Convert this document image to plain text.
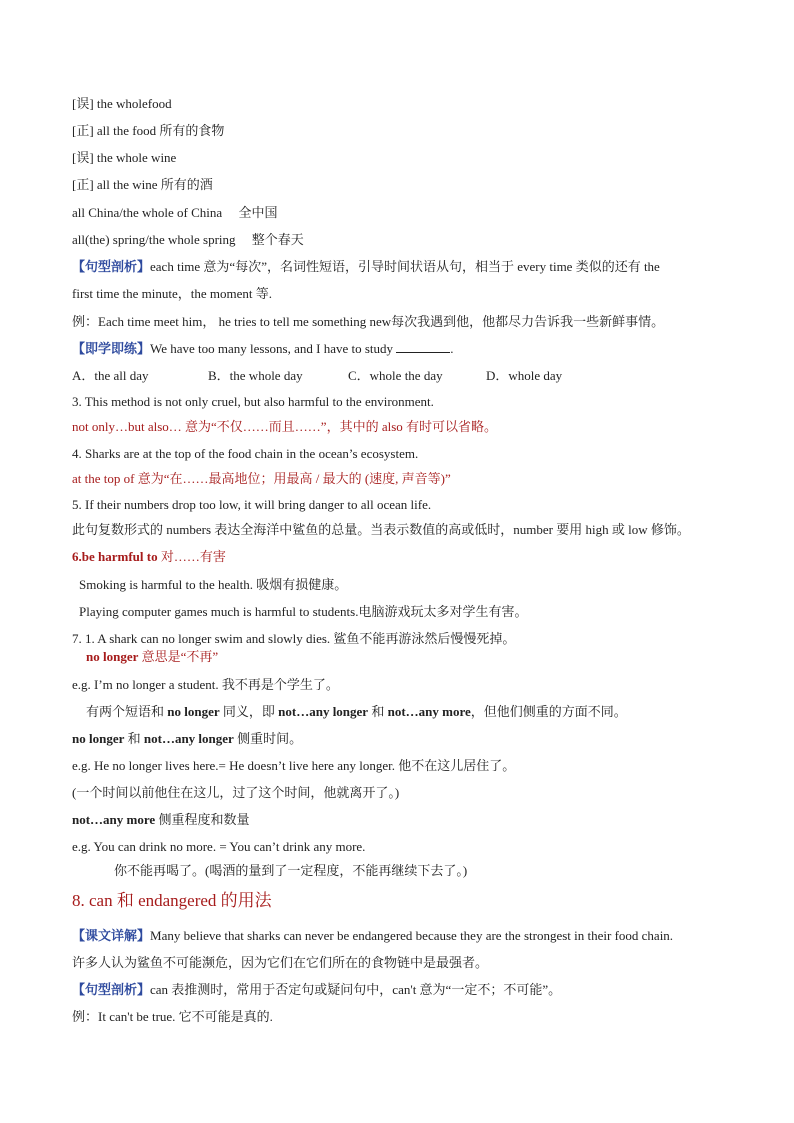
[误] the wholefood
[正] all the food 所有的食物
[误] the whole wine
[正] all the wine 所有的酒
all China/the whole of China　 全中国
all(the) spring/the whole spring　 整个春天
【句型剖析】each time 意为“每次”，名词性短语，引导时间状语从句，相当于 every time 类似的还有 the
first time the minute，the moment 等.
例：Each time meet him， he tries to tell me something new每次我遇到他，他都尽力告诉我一些新鲜事情。
【即学即练】We have too many lessons, and I have to study	.
A．the all day	B．the whole day	C．whole the day	D．whole day
3. This method is not only cruel, but also harmful to the environment.
not only…but also… 意为“不仅……而且……”，其中的 also 有时可以省略。
4. Sharks are at the top of the food chain in the ocean’s ecosystem.
at the top of 意为“在……最高地位；用最高 / 最大的 (速度, 声音等)”
5. If their numbers drop too low, it will bring danger to all ocean life.
此句复数形式的 numbers 表达全海洋中鲨鱼的总量。当表示数值的高或低时，number 要用 high 或 low 修饰。
6.be harmful to 对……有害
Smoking is harmful to the health. 吸烟有损健康。
Playing computer games much is harmful to students.电脑游戏玩太多对学生有害。
7. 1. A shark can no longer swim and slowly dies. 鲨鱼不能再游泳然后慢慢死掉。
no longer 意思是“不再”
e.g. I’m no longer a student. 我不再是个学生了。
有两个短语和 no longer 同义，即 not…any longer 和 not…any more，但他们侧重的方面不同。
no longer 和 not…any longer 侧重时间。
e.g. He no longer lives here.= He doesn’t live here any longer. 他不在这儿居住了。
(一个时间以前他住在这儿，过了这个时间，他就离开了。)
not…any more 侧重程度和数量
e.g. You can drink no more. = You can’t drink any more.
你不能再喝了。(喝酒的量到了一定程度，不能再继续下去了。)
8. can 和 endangered 的用法
【课文详解】Many believe that sharks can never be endangered because they are the strongest in their food chain.
许多人认为鲨鱼不可能濒危，因为它们在它们所在的食物链中是最强者。
【句型剖析】can 表推测时，常用于否定句或疑问句中，can't 意为“一定不；不可能”。
例：It can't be true. 它不可能是真的.
